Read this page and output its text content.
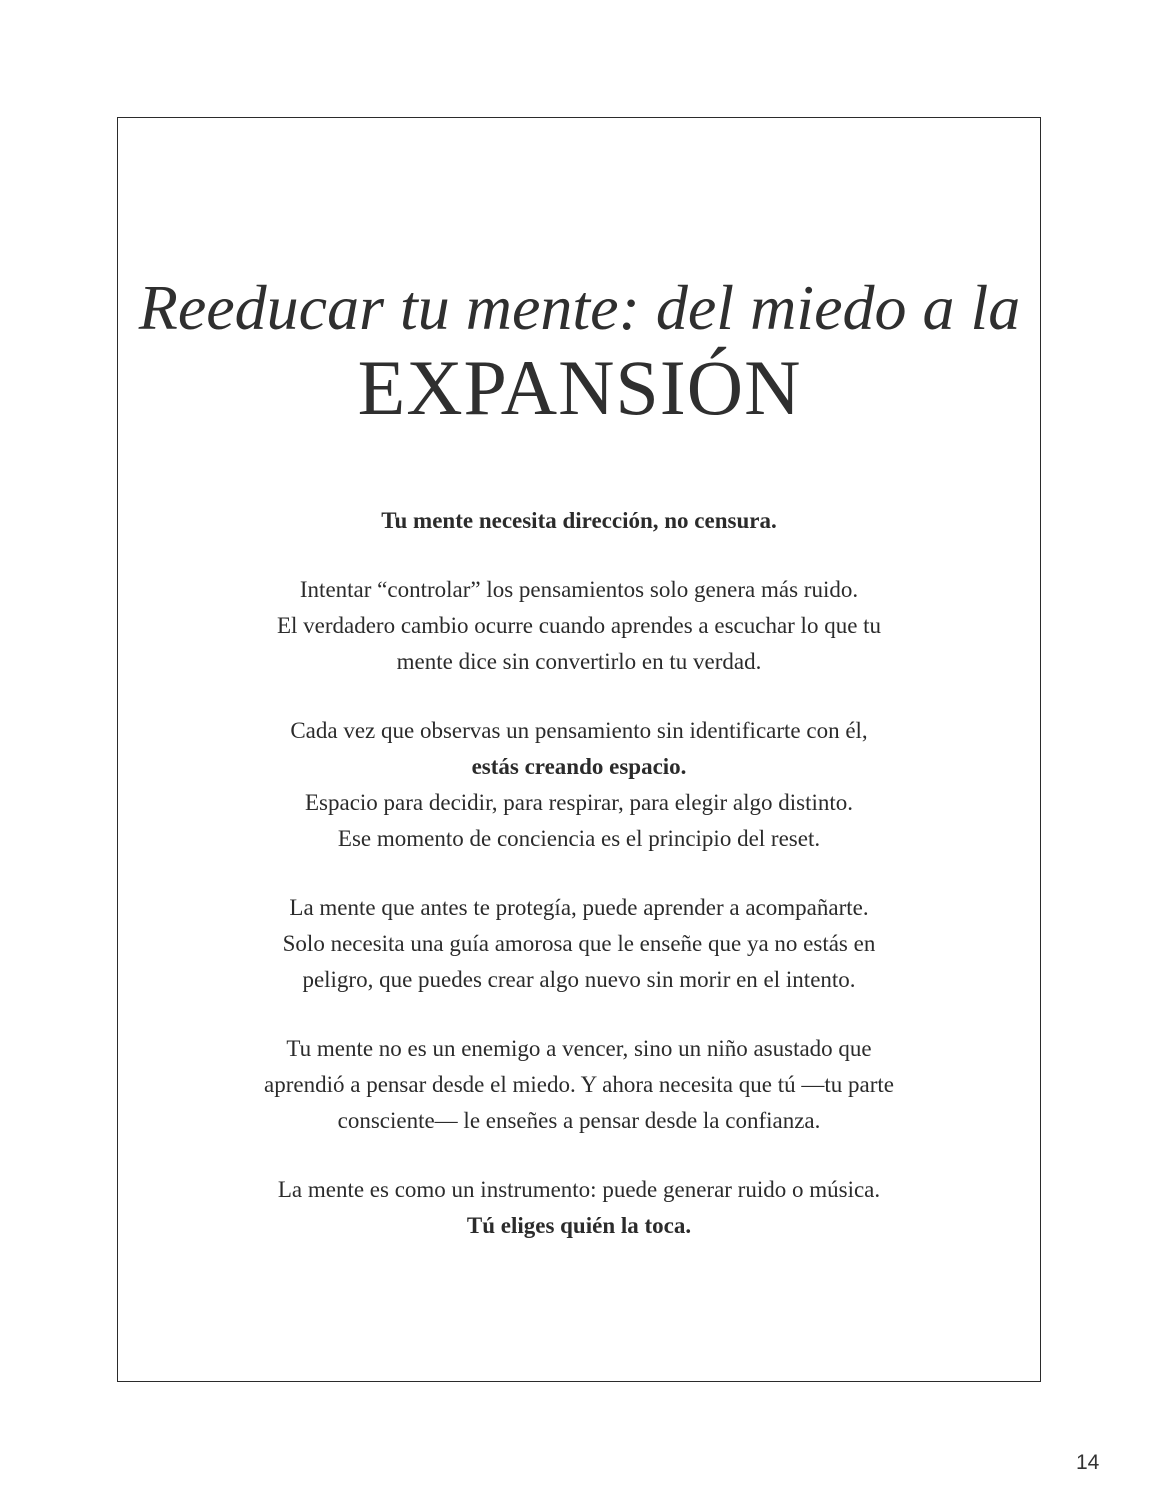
Reeducar tu mente: del miedo a la
EXPANSIÓN

Tu mente necesita dirección, no censura.

Intentar “controlar” los pensamientos solo genera más ruido.
El verdadero cambio ocurre cuando aprendes a escuchar lo que tu
mente dice sin convertirlo en tu verdad.

Cada vez que observas un pensamiento sin identificarte con él,
estás creando espacio.
Espacio para decidir, para respirar, para elegir algo distinto.
Ese momento de conciencia es el principio del reset.

La mente que antes te protegía, puede aprender a acompañarte.
Solo necesita una guía amorosa que le enseñe que ya no estás en
peligro, que puedes crear algo nuevo sin morir en el intento.

Tu mente no es un enemigo a vencer, sino un niño asustado que
aprendió a pensar desde el miedo. Y ahora necesita que tú —tu parte
consciente— le enseñes a pensar desde la confianza.

La mente es como un instrumento: puede generar ruido o música.
Tú eliges quién la toca.

14
